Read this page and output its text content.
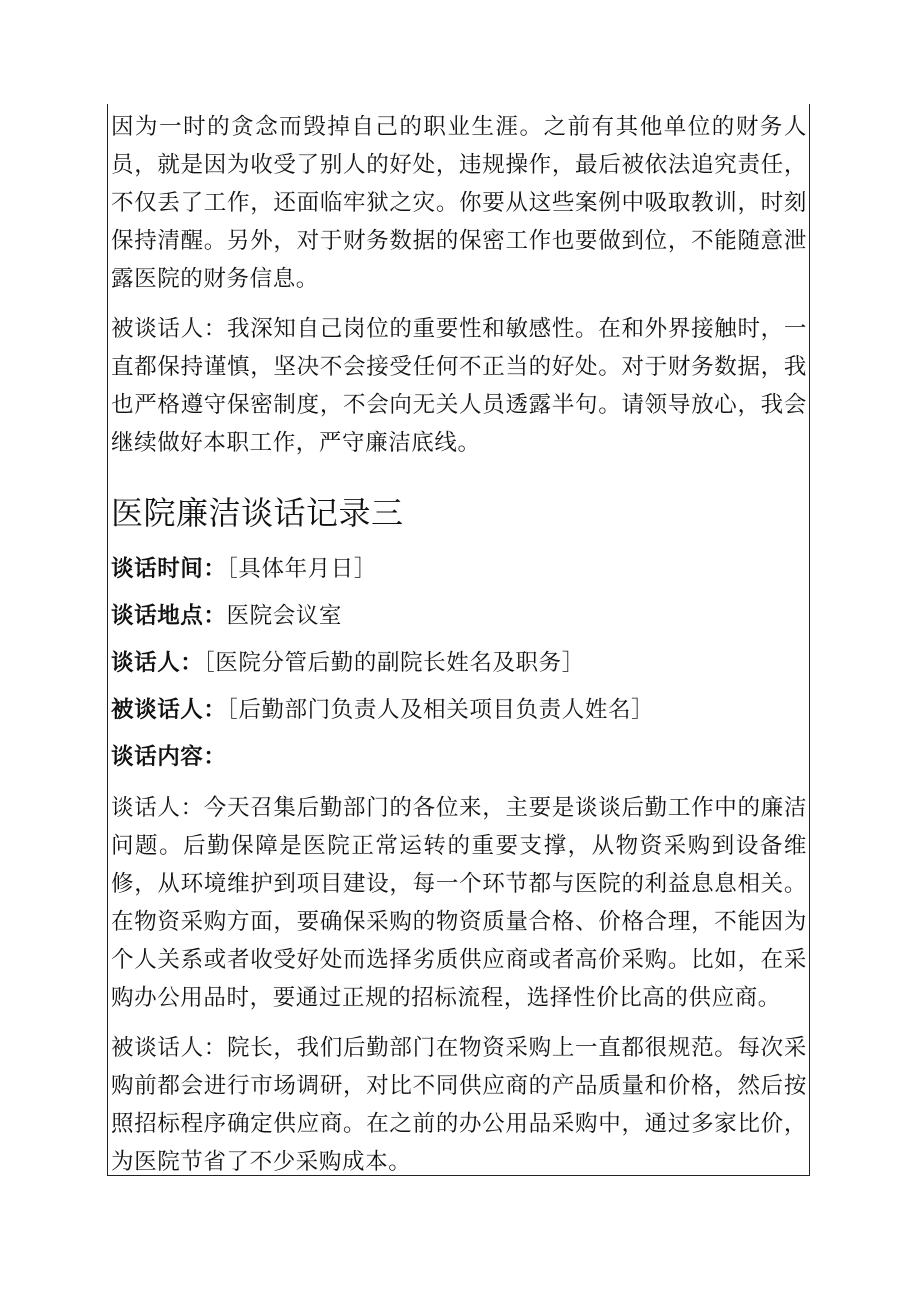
因为一时的贪念而毁掉自己的职业生涯。之前有其他单位的财务人员，就是因为收受了别人的好处，违规操作，最后被依法追究责任，不仅丢了工作，还面临牢狱之灾。你要从这些案例中吸取教训，时刻保持清醒。另外，对于财务数据的保密工作也要做到位，不能随意泄露医院的财务信息。

被谈话人：我深知自己岗位的重要性和敏感性。在和外界接触时，一直都保持谨慎，坚决不会接受任何不正当的好处。对于财务数据，我也严格遵守保密制度，不会向无关人员透露半句。请领导放心，我会继续做好本职工作，严守廉洁底线。

医院廉洁谈话记录三
谈话时间：［具体年月日］
谈话地点：医院会议室
谈话人：［医院分管后勤的副院长姓名及职务］
被谈话人：［后勤部门负责人及相关项目负责人姓名］
谈话内容：

谈话人：今天召集后勤部门的各位来，主要是谈谈后勤工作中的廉洁问题。后勤保障是医院正常运转的重要支撑，从物资采购到设备维修，从环境维护到项目建设，每一个环节都与医院的利益息息相关。在物资采购方面，要确保采购的物资质量合格、价格合理，不能因为个人关系或者收受好处而选择劣质供应商或者高价采购。比如，在采购办公用品时，要通过正规的招标流程，选择性价比高的供应商。

被谈话人：院长，我们后勤部门在物资采购上一直都很规范。每次采购前都会进行市场调研，对比不同供应商的产品质量和价格，然后按照招标程序确定供应商。在之前的办公用品采购中，通过多家比价，为医院节省了不少采购成本。
